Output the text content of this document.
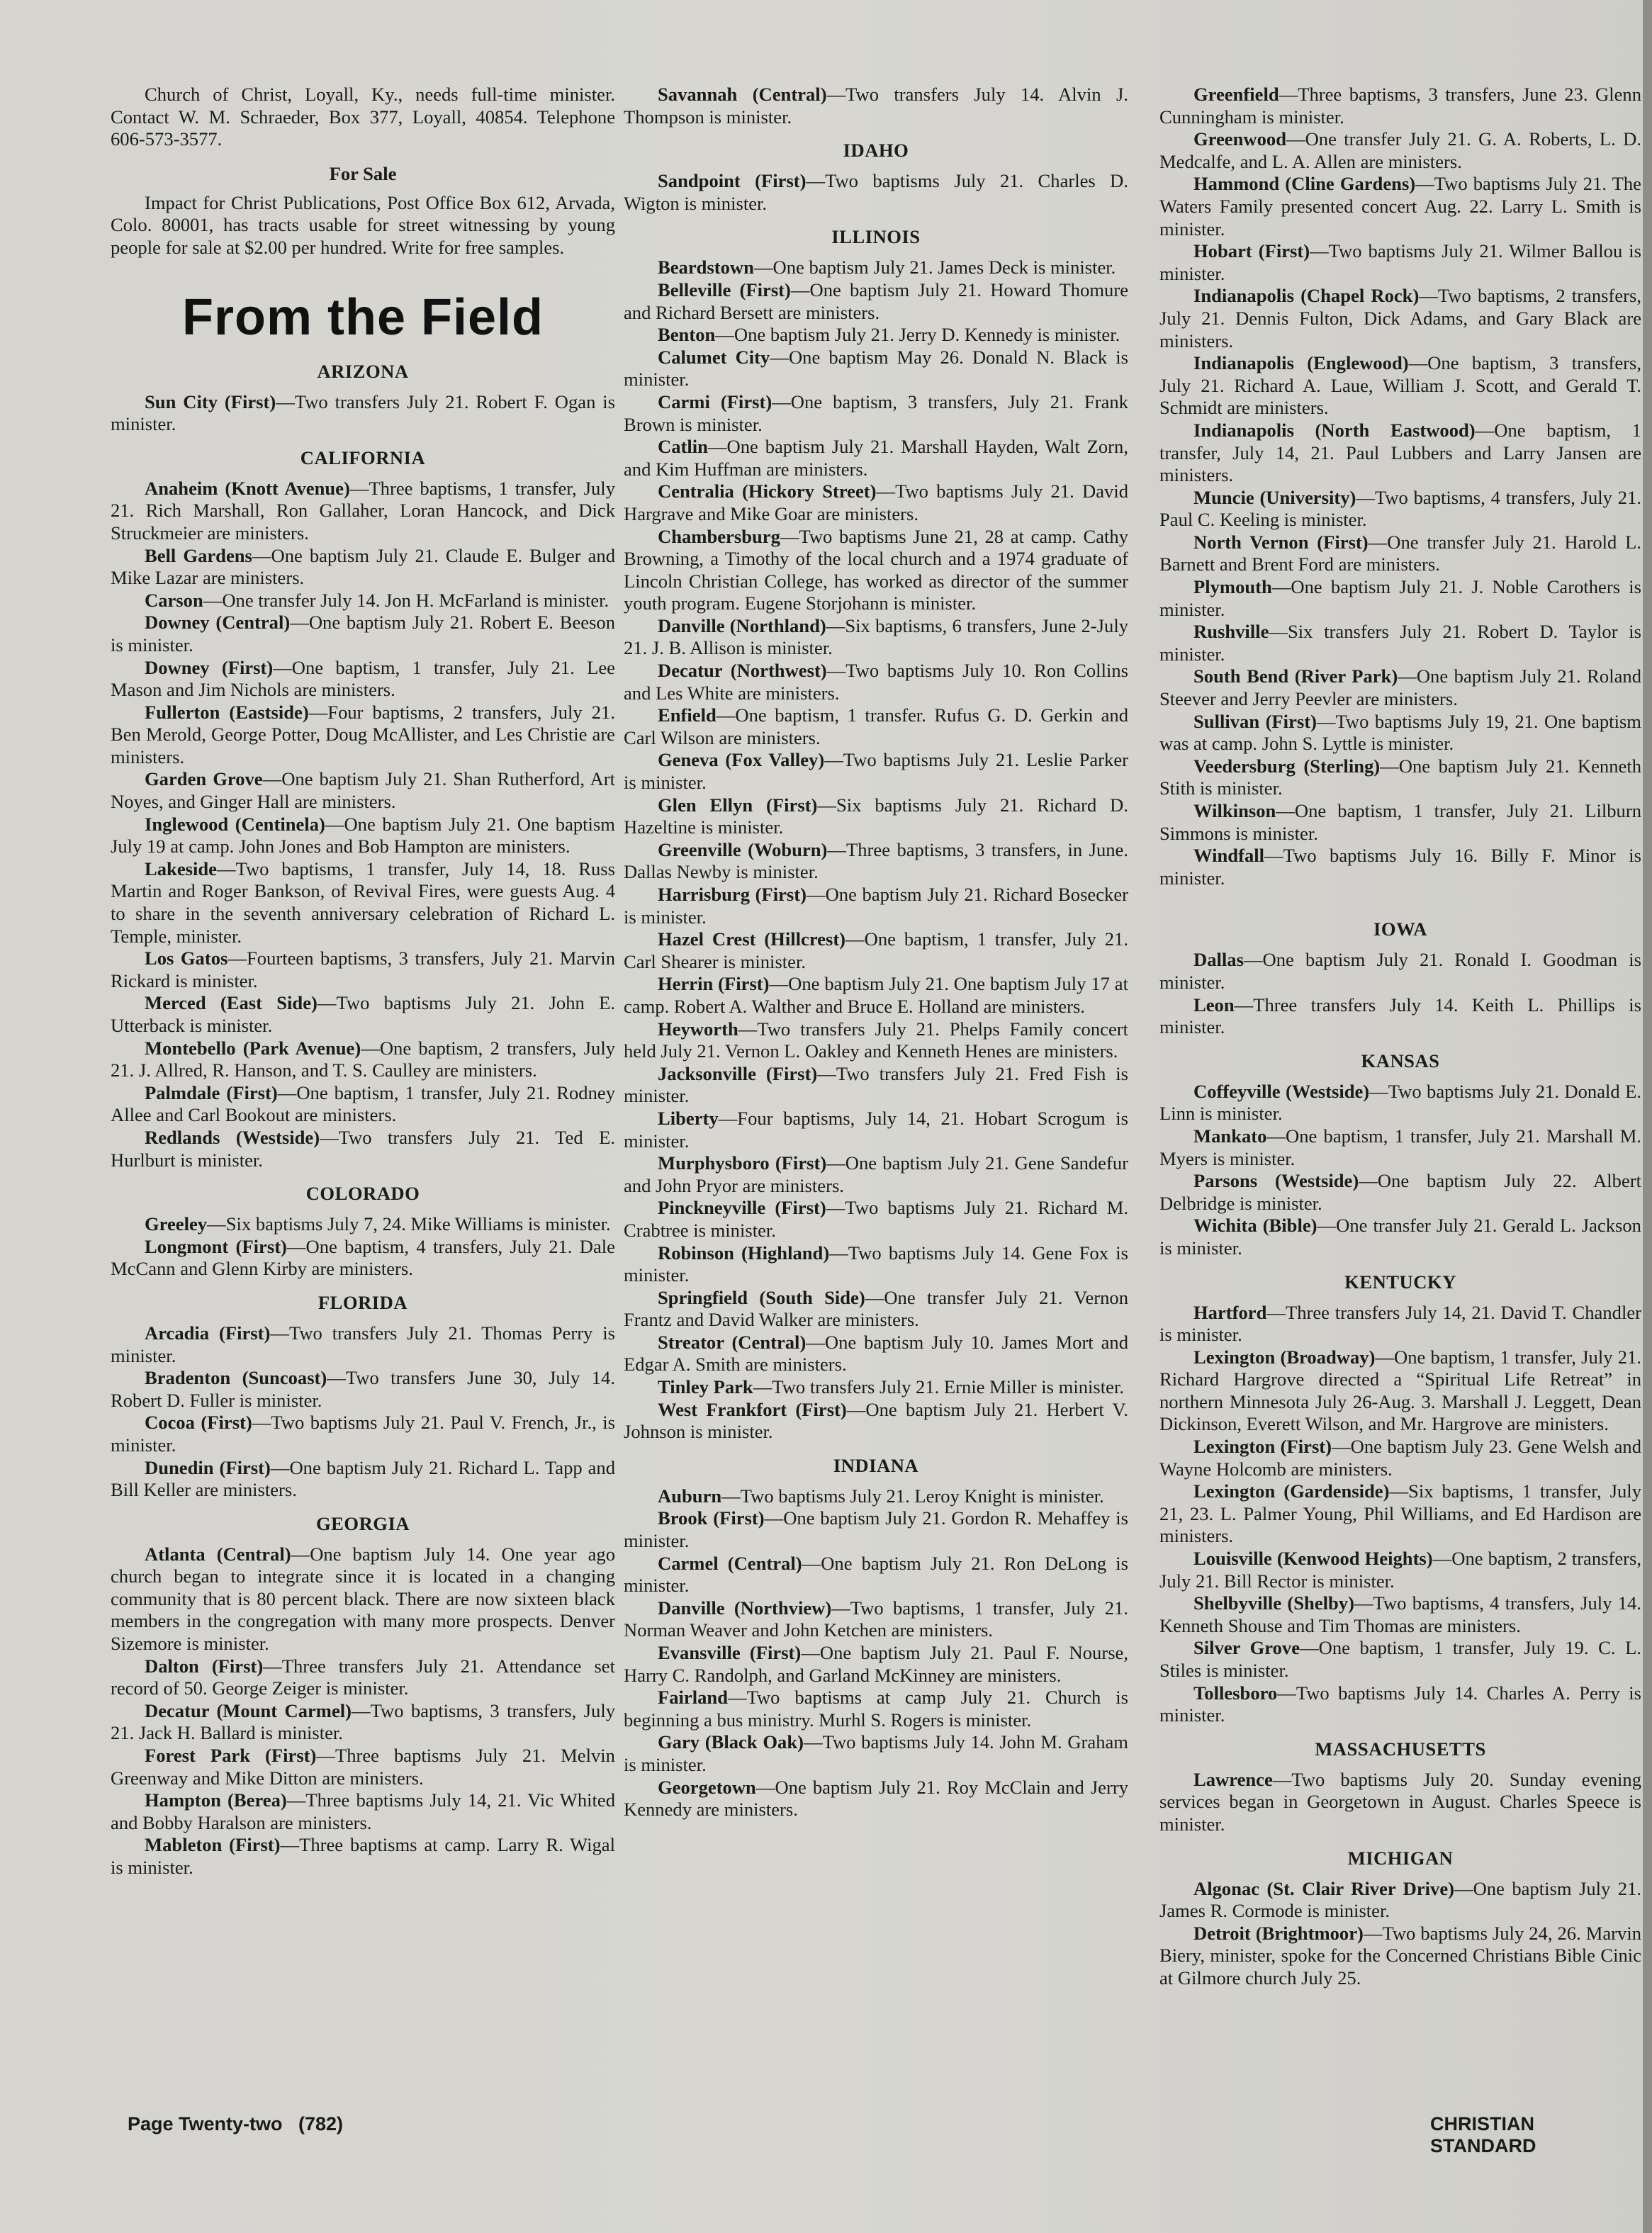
Church of Christ, Loyall, Ky., needs full-time minister. Contact W. M. Schraeder, Box 377, Loyall, 40854. Telephone 606-573-3577.

For Sale

Impact for Christ Publications, Post Office Box 612, Arvada, Colo. 80001, has tracts usable for street witnessing by young people for sale at $2.00 per hundred. Write for free samples.

From the Field
ARIZONA

Sun City (First)—Two transfers July 21. Robert F. Ogan is minister.

CALIFORNIA

Anaheim (Knott Avenue)—Three baptisms, 1 transfer, July 21. Rich Marshall, Ron Gallaher, Loran Hancock, and Dick Struckmeier are ministers.

Bell Gardens—One baptism July 21. Claude E. Bulger and Mike Lazar are ministers.

Carson—One transfer July 14. Jon H. McFarland is minister.

Downey (Central)—One baptism July 21. Robert E. Beeson is minister.

Downey (First)—One baptism, 1 transfer, July 21. Lee Mason and Jim Nichols are ministers.

Fullerton (Eastside)—Four baptisms, 2 transfers, July 21. Ben Merold, George Potter, Doug McAllister, and Les Christie are ministers.

Garden Grove—One baptism July 21. Shan Rutherford, Art Noyes, and Ginger Hall are ministers.

Inglewood (Centinela)—One baptism July 21. One baptism July 19 at camp. John Jones and Bob Hampton are ministers.

Lakeside—Two baptisms, 1 transfer, July 14, 18. Russ Martin and Roger Bankson, of Revival Fires, were guests Aug. 4 to share in the seventh anniversary celebration of Richard L. Temple, minister.

Los Gatos—Fourteen baptisms, 3 transfers, July 21. Marvin Rickard is minister.

Merced (East Side)—Two baptisms July 21. John E. Utterback is minister.

Montebello (Park Avenue)—One baptism, 2 transfers, July 21. J. Allred, R. Hanson, and T. S. Caulley are ministers.

Palmdale (First)—One baptism, 1 transfer, July 21. Rodney Allee and Carl Bookout are ministers.

Redlands (Westside)—Two transfers July 21. Ted E. Hurlburt is minister.

COLORADO

Greeley—Six baptisms July 7, 24. Mike Williams is minister.

Longmont (First)—One baptism, 4 transfers, July 21. Dale McCann and Glenn Kirby are ministers.

FLORIDA

Arcadia (First)—Two transfers July 21. Thomas Perry is minister.

Bradenton (Suncoast)—Two transfers June 30, July 14. Robert D. Fuller is minister.

Cocoa (First)—Two baptisms July 21. Paul V. French, Jr., is minister.

Dunedin (First)—One baptism July 21. Richard L. Tapp and Bill Keller are ministers.

GEORGIA

Atlanta (Central)—One baptism July 14. One year ago church began to integrate since it is located in a changing community that is 80 percent black. There are now sixteen black members in the congregation with many more prospects. Denver Sizemore is minister.

Dalton (First)—Three transfers July 21. Attendance set record of 50. George Zeiger is minister.

Decatur (Mount Carmel)—Two baptisms, 3 transfers, July 21. Jack H. Ballard is minister.

Forest Park (First)—Three baptisms July 21. Melvin Greenway and Mike Ditton are ministers.

Hampton (Berea)—Three baptisms July 14, 21. Vic Whited and Bobby Haralson are ministers.

Mableton (First)—Three baptisms at camp. Larry R. Wigal is minister.

Savannah (Central)—Two transfers July 14. Alvin J. Thompson is minister.

IDAHO

Sandpoint (First)—Two baptisms July 21. Charles D. Wigton is minister.

ILLINOIS

Beardstown—One baptism July 21. James Deck is minister.

Belleville (First)—One baptism July 21. Howard Thomure and Richard Bersett are ministers.

Benton—One baptism July 21. Jerry D. Kennedy is minister.

Calumet City—One baptism May 26. Donald N. Black is minister.

Carmi (First)—One baptism, 3 transfers, July 21. Frank Brown is minister.

Catlin—One baptism July 21. Marshall Hayden, Walt Zorn, and Kim Huffman are ministers.

Centralia (Hickory Street)—Two baptisms July 21. David Hargrave and Mike Goar are ministers.

Chambersburg—Two baptisms June 21, 28 at camp. Cathy Browning, a Timothy of the local church and a 1974 graduate of Lincoln Christian College, has worked as director of the summer youth program. Eugene Storjohann is minister.

Danville (Northland)—Six baptisms, 6 transfers, June 2-July 21. J. B. Allison is minister.

Decatur (Northwest)—Two baptisms July 10. Ron Collins and Les White are ministers.

Enfield—One baptism, 1 transfer. Rufus G. D. Gerkin and Carl Wilson are ministers.

Geneva (Fox Valley)—Two baptisms July 21. Leslie Parker is minister.

Glen Ellyn (First)—Six baptisms July 21. Richard D. Hazeltine is minister.

Greenville (Woburn)—Three baptisms, 3 transfers, in June. Dallas Newby is minister.

Harrisburg (First)—One baptism July 21. Richard Bosecker is minister.

Hazel Crest (Hillcrest)—One baptism, 1 transfer, July 21. Carl Shearer is minister.

Herrin (First)—One baptism July 21. One baptism July 17 at camp. Robert A. Walther and Bruce E. Holland are ministers.

Heyworth—Two transfers July 21. Phelps Family concert held July 21. Vernon L. Oakley and Kenneth Henes are ministers.

Jacksonville (First)—Two transfers July 21. Fred Fish is minister.

Liberty—Four baptisms, July 14, 21. Hobart Scrogum is minister.

Murphysboro (First)—One baptism July 21. Gene Sandefur and John Pryor are ministers.

Pinckneyville (First)—Two baptisms July 21. Richard M. Crabtree is minister.

Robinson (Highland)—Two baptisms July 14. Gene Fox is minister.

Springfield (South Side)—One transfer July 21. Vernon Frantz and David Walker are ministers.

Streator (Central)—One baptism July 10. James Mort and Edgar A. Smith are ministers.

Tinley Park—Two transfers July 21. Ernie Miller is minister.

West Frankfort (First)—One baptism July 21. Herbert V. Johnson is minister.

INDIANA

Auburn—Two baptisms July 21. Leroy Knight is minister.

Brook (First)—One baptism July 21. Gordon R. Mehaffey is minister.

Carmel (Central)—One baptism July 21. Ron DeLong is minister.

Danville (Northview)—Two baptisms, 1 transfer, July 21. Norman Weaver and John Ketchen are ministers.

Evansville (First)—One baptism July 21. Paul F. Nourse, Harry C. Randolph, and Garland McKinney are ministers.

Fairland—Two baptisms at camp July 21. Church is beginning a bus ministry. Murhl S. Rogers is minister.

Gary (Black Oak)—Two baptisms July 14. John M. Graham is minister.

Georgetown—One baptism July 21. Roy McClain and Jerry Kennedy are ministers.

Greenfield—Three baptisms, 3 transfers, June 23. Glenn Cunningham is minister.

Greenwood—One transfer July 21. G. A. Roberts, L. D. Medcalfe, and L. A. Allen are ministers.

Hammond (Cline Gardens)—Two baptisms July 21. The Waters Family presented concert Aug. 22. Larry L. Smith is minister.

Hobart (First)—Two baptisms July 21. Wilmer Ballou is minister.

Indianapolis (Chapel Rock)—Two baptisms, 2 transfers, July 21. Dennis Fulton, Dick Adams, and Gary Black are ministers.

Indianapolis (Englewood)—One baptism, 3 transfers, July 21. Richard A. Laue, William J. Scott, and Gerald T. Schmidt are ministers.

Indianapolis (North Eastwood)—One baptism, 1 transfer, July 14, 21. Paul Lubbers and Larry Jansen are ministers.

Muncie (University)—Two baptisms, 4 transfers, July 21. Paul C. Keeling is minister.

North Vernon (First)—One transfer July 21. Harold L. Barnett and Brent Ford are ministers.

Plymouth—One baptism July 21. J. Noble Carothers is minister.

Rushville—Six transfers July 21. Robert D. Taylor is minister.

South Bend (River Park)—One baptism July 21. Roland Steever and Jerry Peevler are ministers.

Sullivan (First)—Two baptisms July 19, 21. One baptism was at camp. John S. Lyttle is minister.

Veedersburg (Sterling)—One baptism July 21. Kenneth Stith is minister.

Wilkinson—One baptism, 1 transfer, July 21. Lilburn Simmons is minister.

Windfall—Two baptisms July 16. Billy F. Minor is minister.

IOWA

Dallas—One baptism July 21. Ronald I. Goodman is minister.

Leon—Three transfers July 14. Keith L. Phillips is minister.

KANSAS

Coffeyville (Westside)—Two baptisms July 21. Donald E. Linn is minister.

Mankato—One baptism, 1 transfer, July 21. Marshall M. Myers is minister.

Parsons (Westside)—One baptism July 22. Albert Delbridge is minister.

Wichita (Bible)—One transfer July 21. Gerald L. Jackson is minister.

KENTUCKY

Hartford—Three transfers July 14, 21. David T. Chandler is minister.

Lexington (Broadway)—One baptism, 1 transfer, July 21. Richard Hargrove directed a “Spiritual Life Retreat” in northern Minnesota July 26-Aug. 3. Marshall J. Leggett, Dean Dickinson, Everett Wilson, and Mr. Hargrove are ministers.

Lexington (First)—One baptism July 23. Gene Welsh and Wayne Holcomb are ministers.

Lexington (Gardenside)—Six baptisms, 1 transfer, July 21, 23. L. Palmer Young, Phil Williams, and Ed Hardison are ministers.

Louisville (Kenwood Heights)—One baptism, 2 transfers, July 21. Bill Rector is minister.

Shelbyville (Shelby)—Two baptisms, 4 transfers, July 14. Kenneth Shouse and Tim Thomas are ministers.

Silver Grove—One baptism, 1 transfer, July 19. C. L. Stiles is minister.

Tollesboro—Two baptisms July 14. Charles A. Perry is minister.

MASSACHUSETTS

Lawrence—Two baptisms July 20. Sunday evening services began in Georgetown in August. Charles Speece is minister.

MICHIGAN

Algonac (St. Clair River Drive)—One baptism July 21. James R. Cormode is minister.

Detroit (Brightmoor)—Two baptisms July 24, 26. Marvin Biery, minister, spoke for the Concerned Christians Bible Cinic at Gilmore church July 25.

Page Twenty-two   (782)	CHRISTIAN STANDARD
